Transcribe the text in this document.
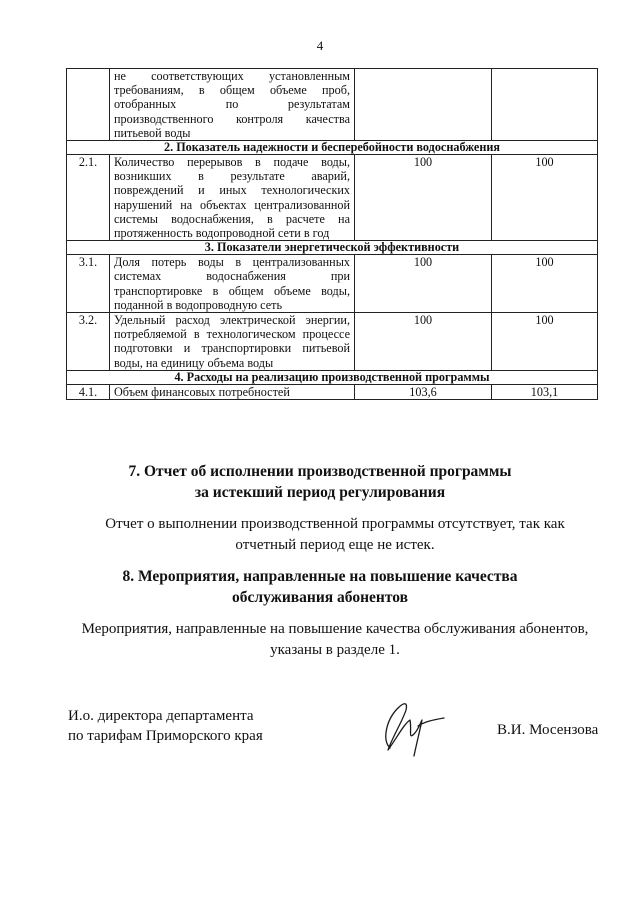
4
	не соответствующих установленным требованиям, в общем объеме проб, отобранных по результатам производственного контроля качества питьевой воды		
2. Показатель надежности и бесперебойности водоснабжения			
2.1.	Количество перерывов в подаче воды, возникших в результате аварий, повреждений и иных технологических нарушений на объектах централизованной системы водоснабжения, в расчете на протяженность водопроводной сети в год	100	100
3. Показатели энергетической эффективности			
3.1.	Доля потерь воды в централизованных системах водоснабжения при транспортировке в общем объеме воды, поданной в водопроводную сеть	100	100
3.2.	Удельный расход электрической энергии, потребляемой в технологическом процессе подготовки и транспортировки питьевой воды, на единицу объема воды	100	100
4. Расходы на реализацию производственной программы			
4.1.	Объем финансовых потребностей	103,6	103,1
7. Отчет об исполнении производственной программы
за истекший период регулирования
Отчет о выполнении производственной программы отсутствует, так как
отчетный период еще не истек.
8. Мероприятия, направленные на повышение качества
обслуживания абонентов
Мероприятия, направленные на повышение качества обслуживания абонентов,
указаны в разделе 1.
И.о. директора департамента
по тарифам Приморского края	В.И. Мосензова
